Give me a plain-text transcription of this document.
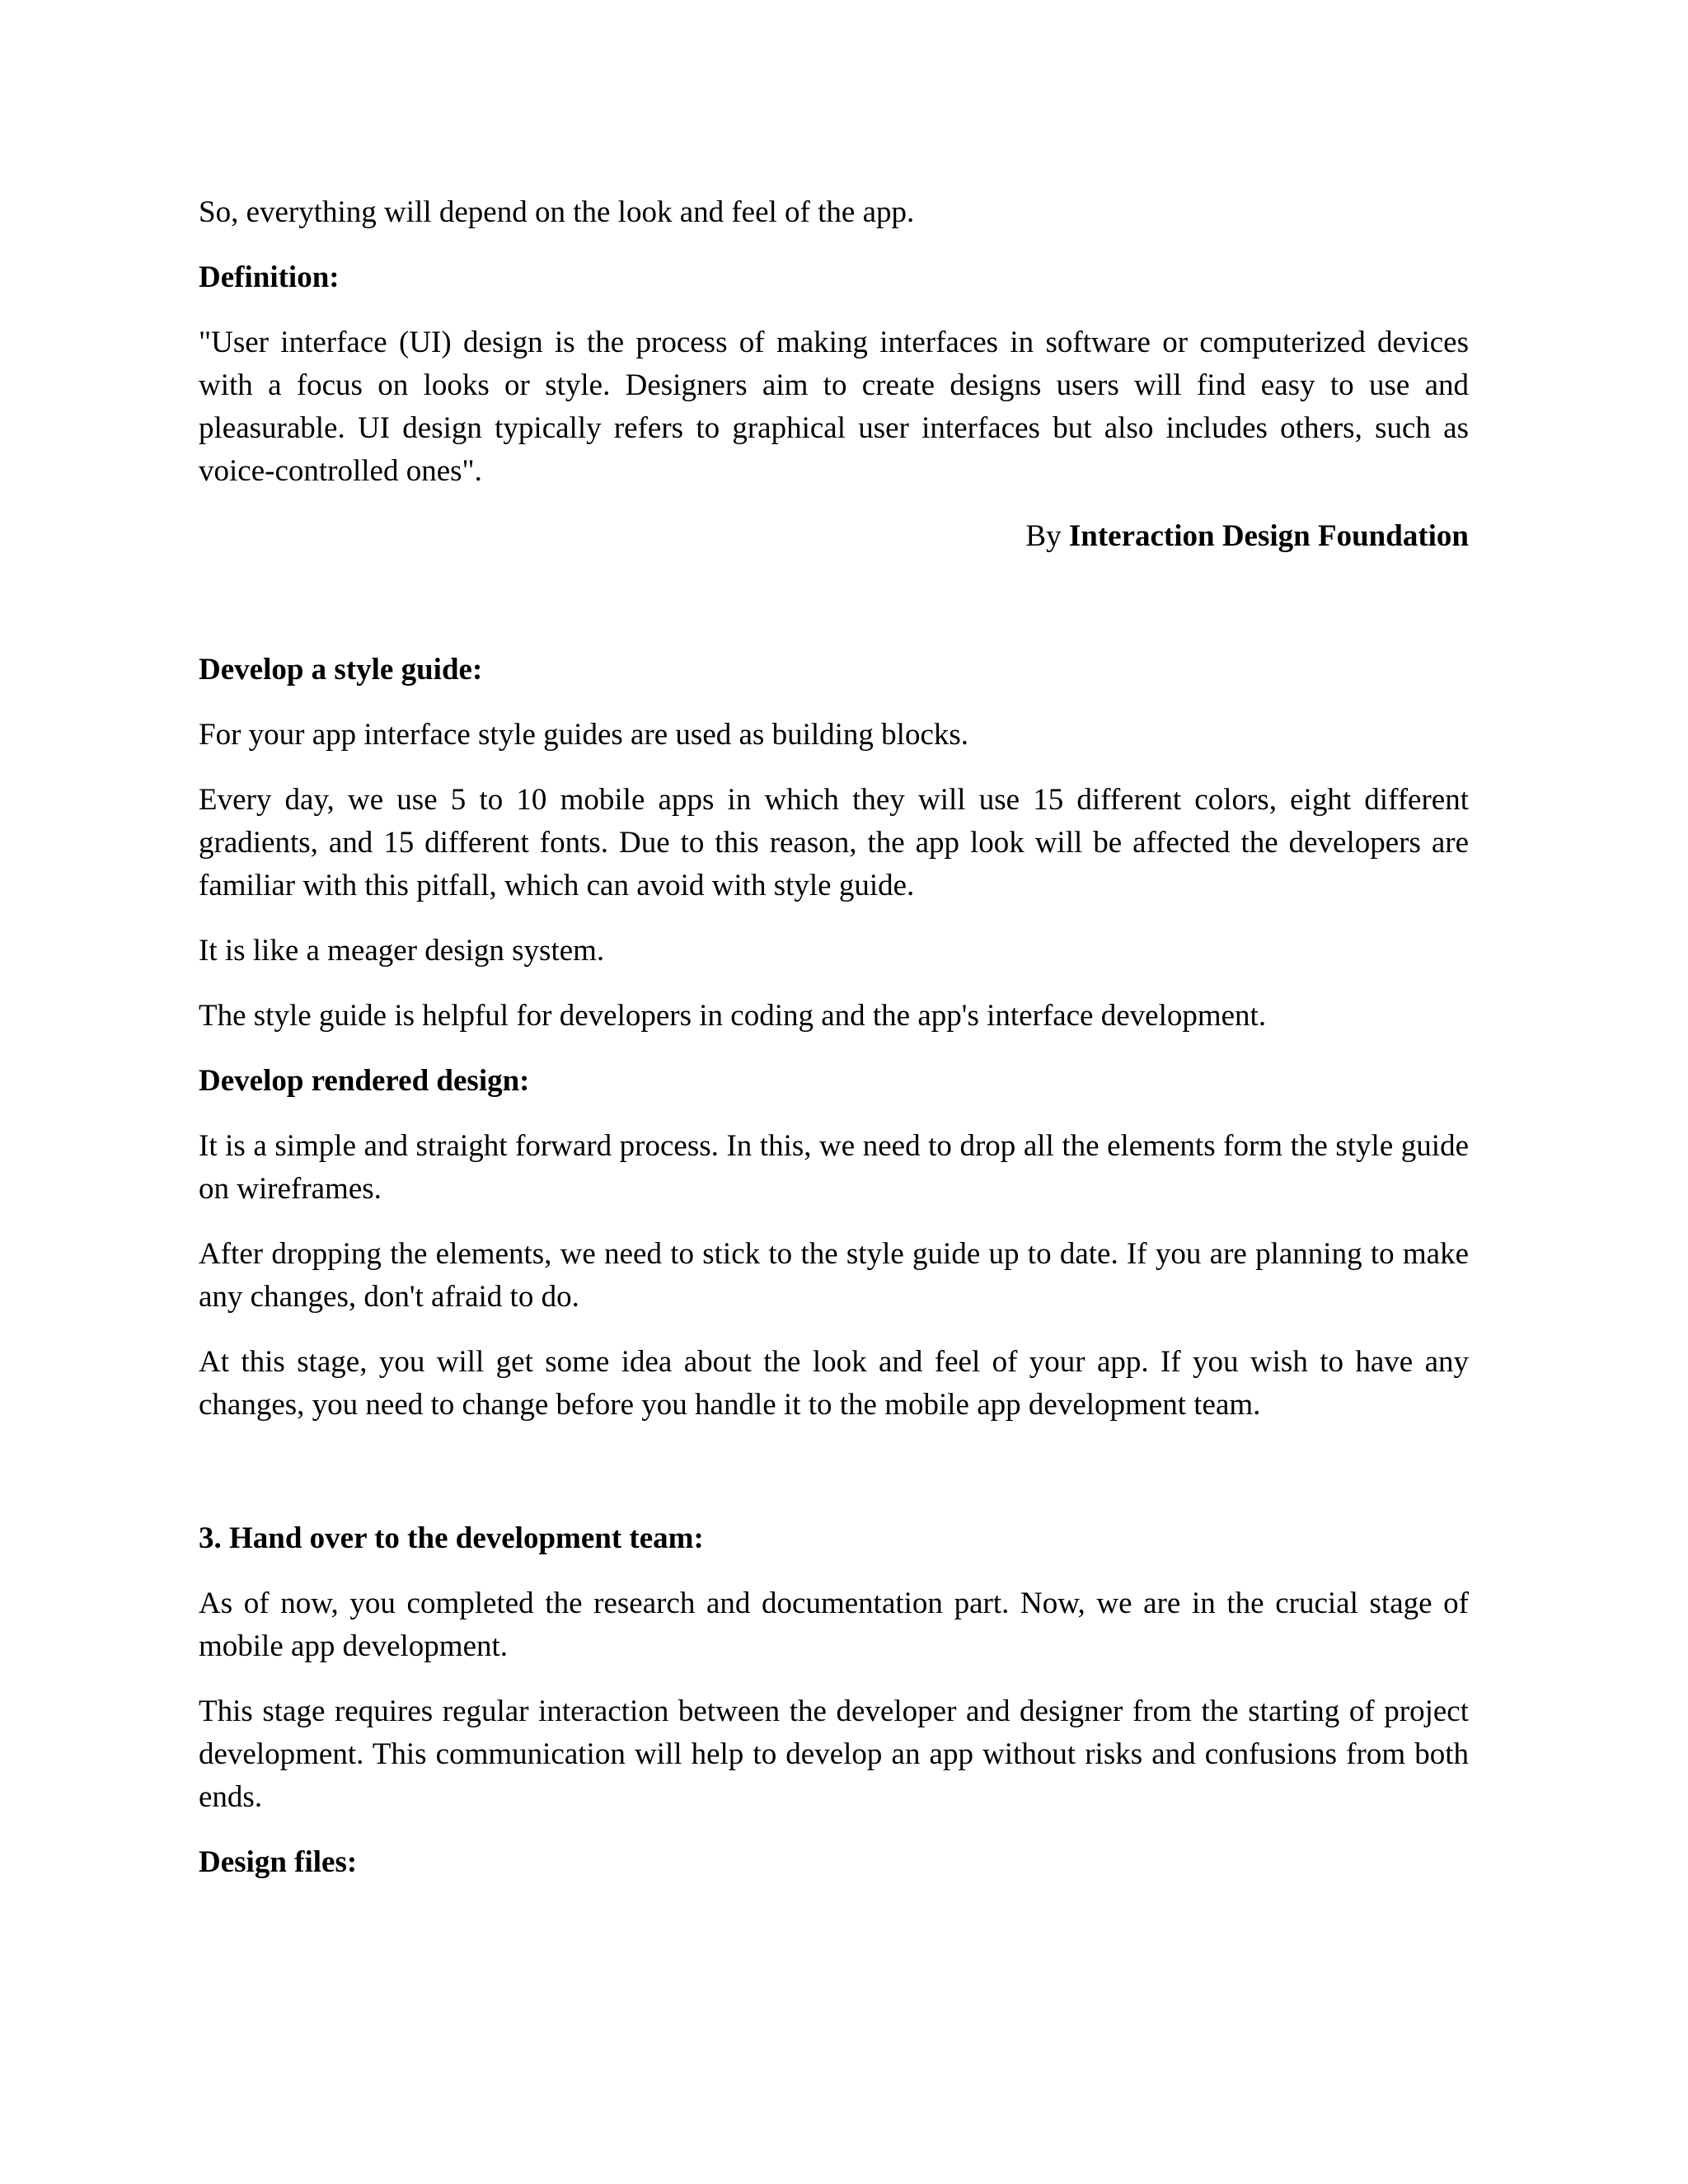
So, everything will depend on the look and feel of the app.

Definition:

"User interface (UI) design is the process of making interfaces in software or computerized devices with a focus on looks or style. Designers aim to create designs users will find easy to use and pleasurable. UI design typically refers to graphical user interfaces but also includes others, such as voice-controlled ones".

By Interaction Design Foundation

Develop a style guide:

For your app interface style guides are used as building blocks.

Every day, we use 5 to 10 mobile apps in which they will use 15 different colors, eight different gradients, and 15 different fonts. Due to this reason, the app look will be affected the developers are familiar with this pitfall, which can avoid with style guide.

It is like a meager design system.

The style guide is helpful for developers in coding and the app's interface development.

Develop rendered design:

It is a simple and straight forward process. In this, we need to drop all the elements form the style guide on wireframes.

After dropping the elements, we need to stick to the style guide up to date. If you are planning to make any changes, don't afraid to do.

At this stage, you will get some idea about the look and feel of your app. If you wish to have any changes, you need to change before you handle it to the mobile app development team.

3. Hand over to the development team:

As of now, you completed the research and documentation part. Now, we are in the crucial stage of mobile app development.

This stage requires regular interaction between the developer and designer from the starting of project development. This communication will help to develop an app without risks and confusions from both ends.

Design files:
